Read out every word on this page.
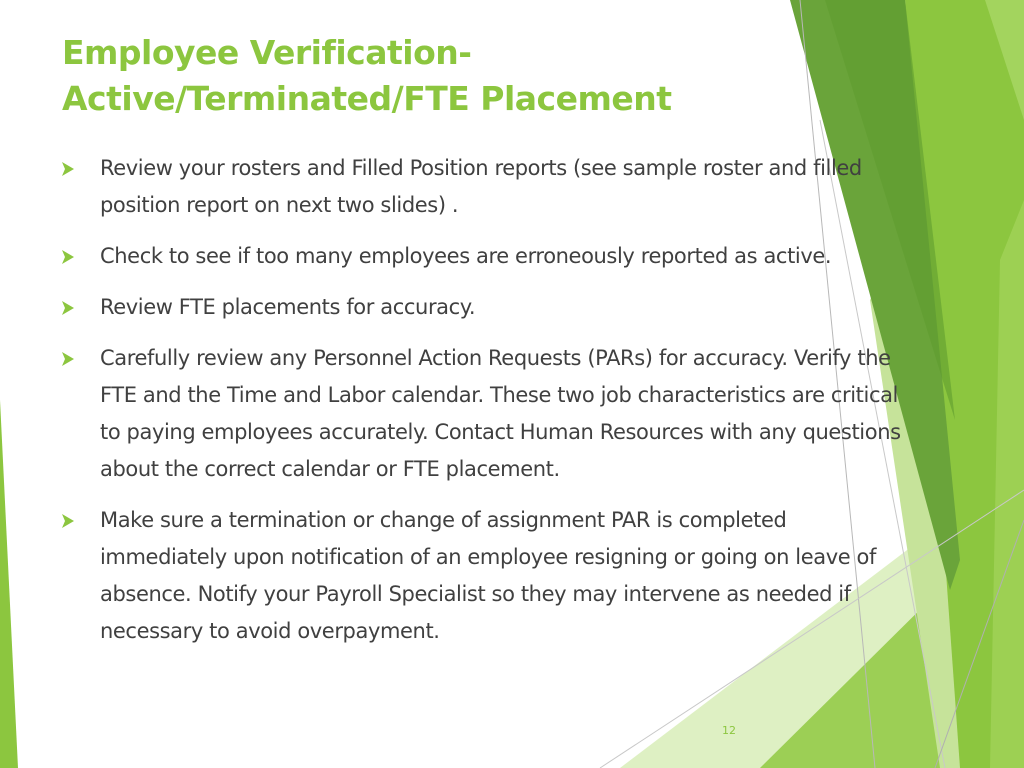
Employee Verification-
Active/Terminated/FTE Placement
Review your rosters and Filled Position reports (see sample roster and filled position report on next two slides) .
Check to see if too many employees are erroneously reported as active.
Review FTE placements for accuracy.
Carefully review any Personnel Action Requests (PARs) for accuracy. Verify the FTE and the Time and Labor calendar. These two job characteristics are critical to paying employees accurately. Contact Human Resources with any questions about the correct calendar or FTE placement.
Make sure a termination or change of assignment PAR is completed immediately upon notification of an employee resigning or going on leave of absence. Notify your Payroll Specialist so they may intervene as needed if necessary to avoid overpayment.
12
